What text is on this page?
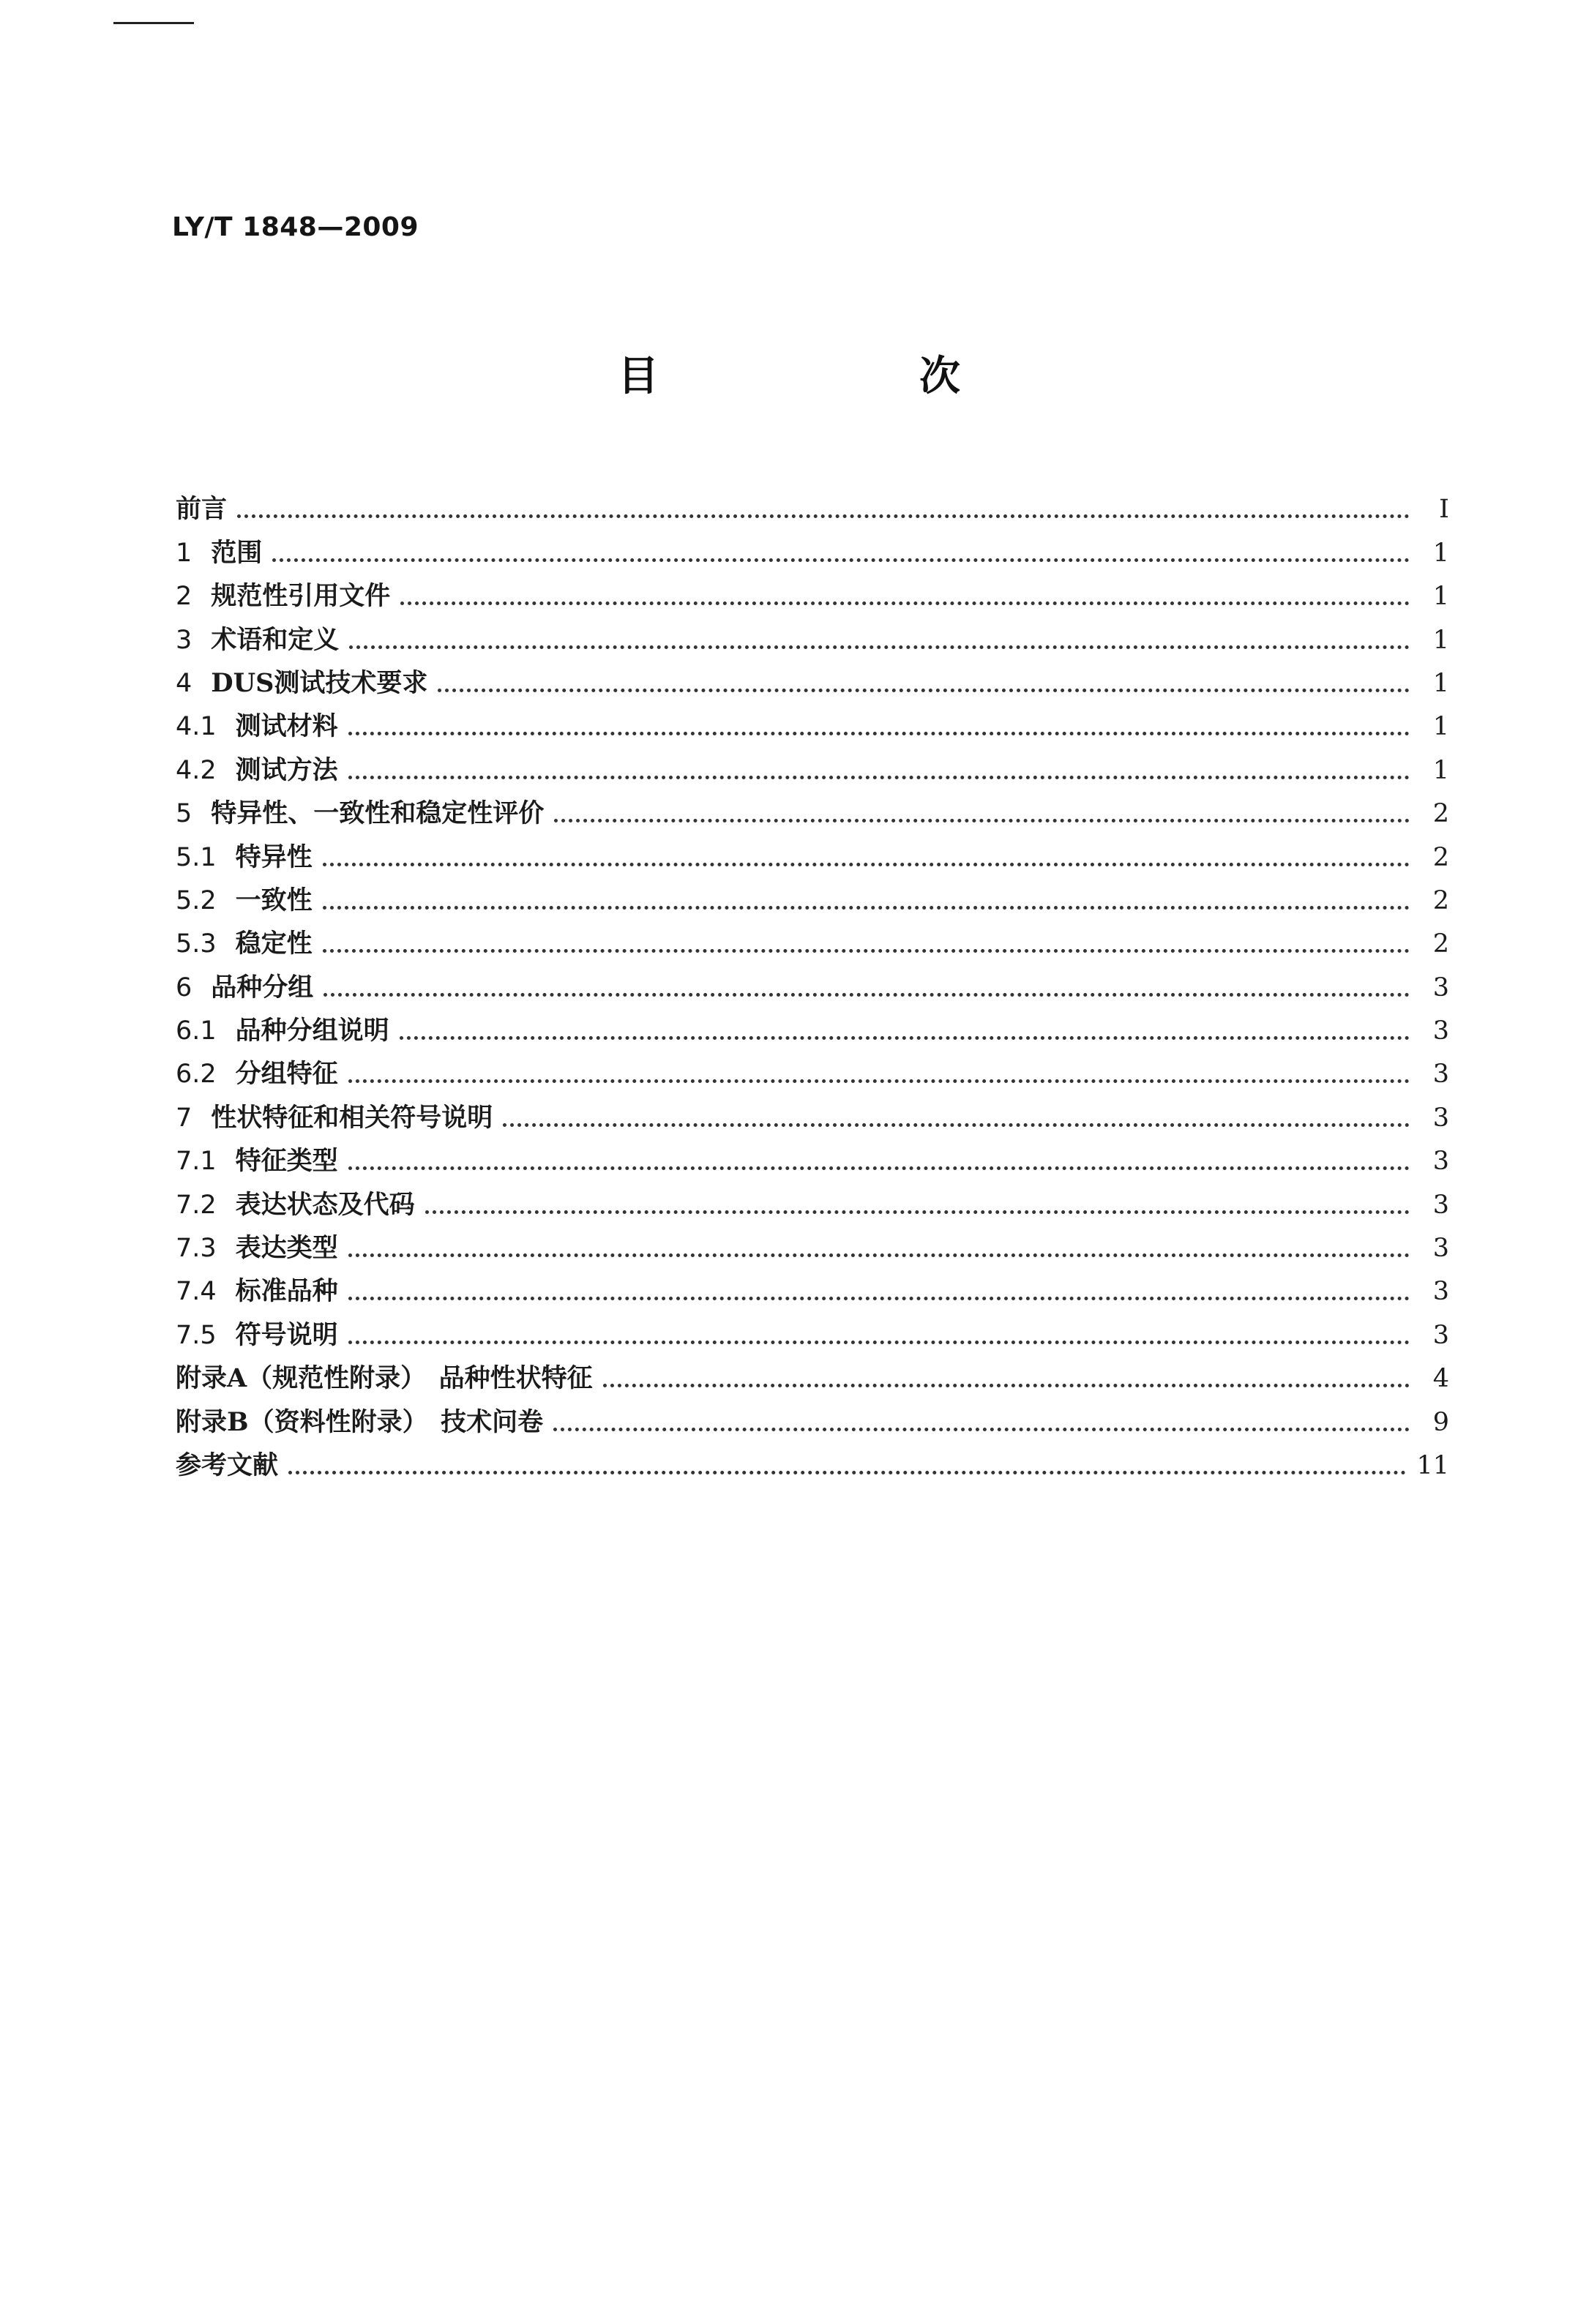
LY/T 1848—2009
目　次
前言	I
1 范围	1
2 规范性引用文件	1
3 术语和定义	1
4 DUS测试技术要求	1
4.1 测试材料	1
4.2 测试方法	1
5 特异性、一致性和稳定性评价	2
5.1 特异性	2
5.2 一致性	2
5.3 稳定性	2
6 品种分组	3
6.1 品种分组说明	3
6.2 分组特征	3
7 性状特征和相关符号说明	3
7.1 特征类型	3
7.2 表达状态及代码	3
7.3 表达类型	3
7.4 标准品种	3
7.5 符号说明	3
附录A（规范性附录）　品种性状特征	4
附录B（资料性附录）　技术问卷	9
参考文献	11
